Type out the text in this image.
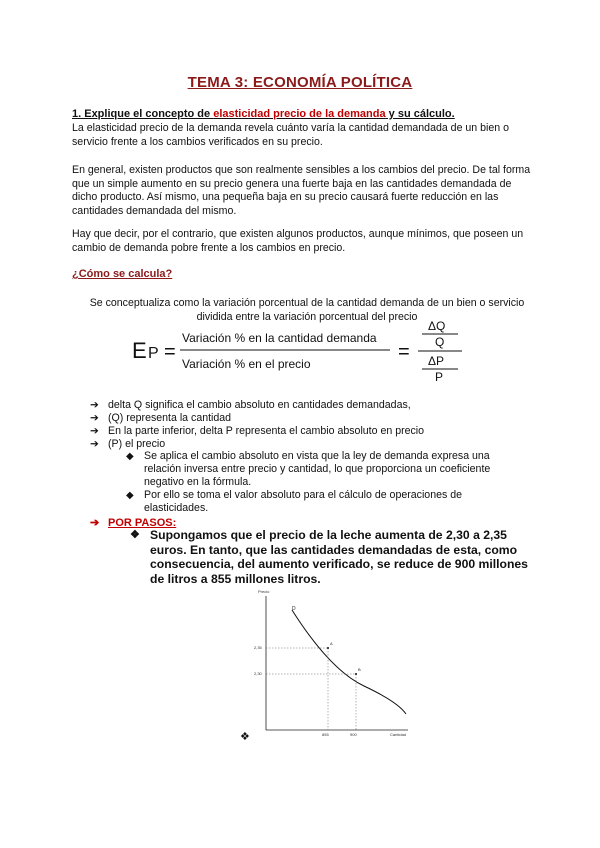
TEMA 3: ECONOMÍA POLÍTICA
1. Explique el concepto de elasticidad precio de la demanda y su cálculo.
La elasticidad precio de la demanda revela cuánto varía la cantidad demandada de un bien o servicio frente a los cambios verificados en su precio.
En general, existen productos que son realmente sensibles a los cambios del precio. De tal forma que un simple aumento en su precio genera una fuerte baja en las cantidades demandada de dicho producto. Así mismo, una pequeña baja en su precio causará fuerte reducción en las cantidades demandada del mismo.
Hay que decir, por el contrario, que existen algunos productos, aunque mínimos, que poseen un cambio de demanda pobre frente a los cambios en precio.
¿Cómo se calcula?
Se conceptualiza como la variación porcentual de la cantidad demanda de un bien o servicio dividida entre la variación porcentual del precio
E P =
Variación % en la cantidad demanda
Variación % en el precio
=
ΔQ
Q
ΔP
P
➔ delta Q significa el cambio absoluto en cantidades demandadas,
➔ (Q) representa la cantidad
➔ En la parte inferior, delta P representa el cambio absoluto en precio
➔ (P) el precio
◆ Se aplica el cambio absoluto en vista que la ley de demanda expresa una relación inversa entre precio y cantidad, lo que proporciona un coeficiente negativo en la fórmula.
◆ Por ello se toma el valor absoluto para el cálculo de operaciones de elasticidades.
➔ POR PASOS:
❖ Supongamos que el precio de la leche aumenta de 2,30 a 2,35 euros. En tanto, que las cantidades demandadas de esta, como consecuencia, del aumento verificado, se reduce de 900 millones de litros a 855 millones litros.
Precio
D
A
B
2,35
2,30
855	900	Cantidad
❖
